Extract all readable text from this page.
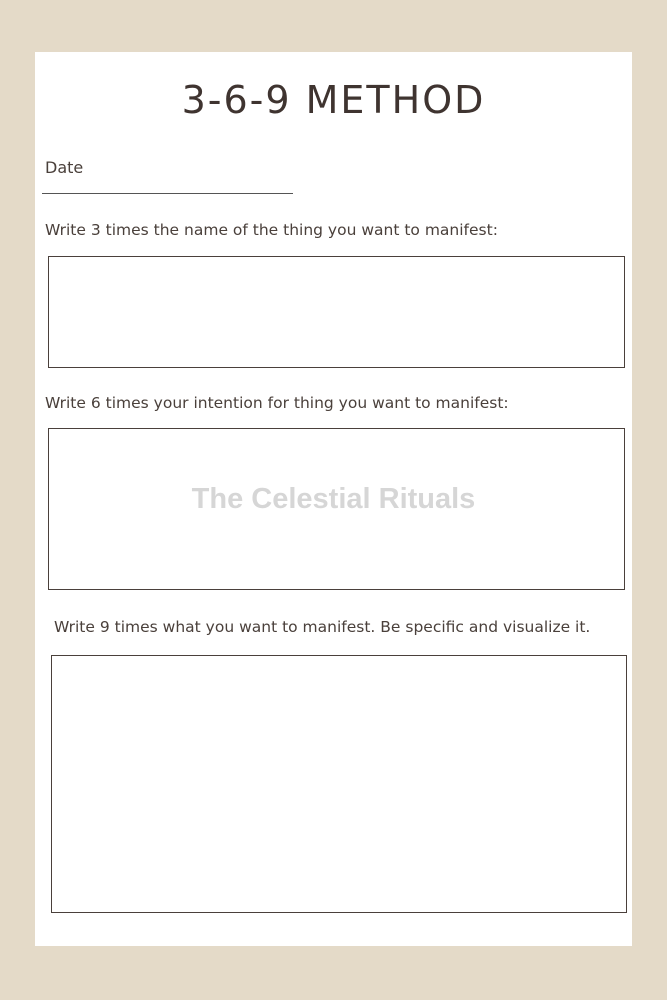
3-6-9 METHOD
Date
Write 3 times the name of the thing you want to manifest:
Write 6 times your intention for thing you want to manifest:
The Celestial Rituals
Write 9 times what you want to manifest. Be specific and visualize it.
